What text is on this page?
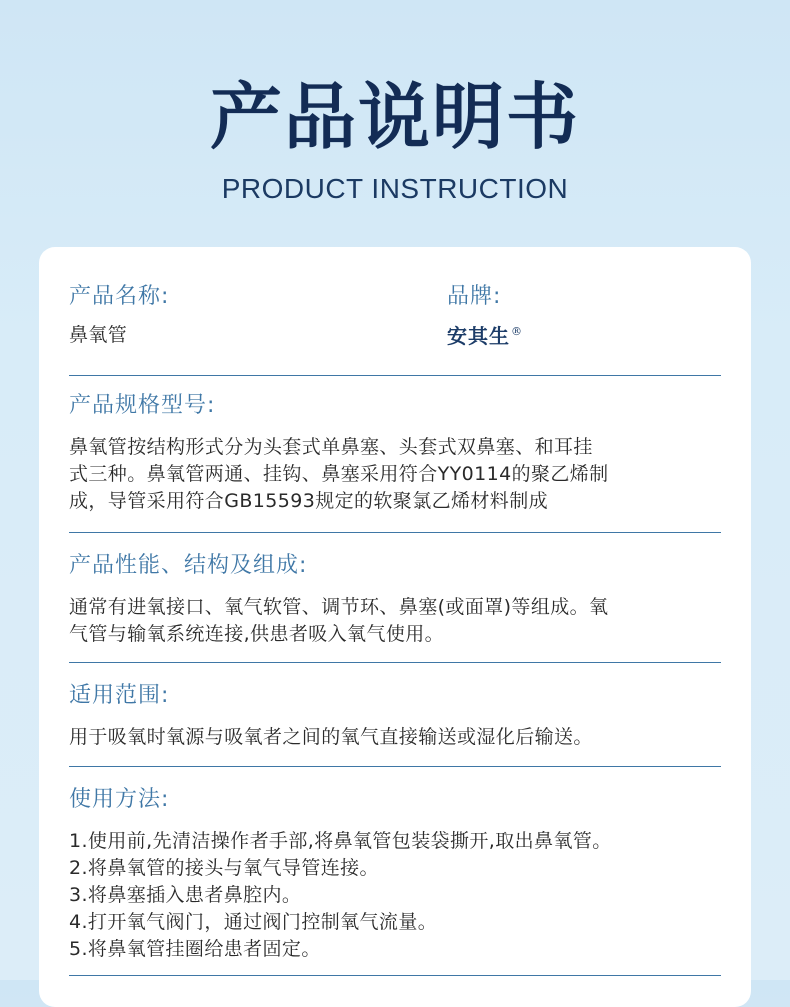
产品说明书
PRODUCT INSTRUCTION
产品名称:
鼻氧管
品牌:
安其生®
产品规格型号:
鼻氧管按结构形式分为头套式单鼻塞、头套式双鼻塞、和耳挂
式三种。鼻氧管两通、挂钩、鼻塞采用符合YY0114的聚乙烯制
成，导管采用符合GB15593规定的软聚氯乙烯材料制成
产品性能、结构及组成:
通常有进氧接口、氧气软管、调节环、鼻塞(或面罩)等组成。氧
气管与输氧系统连接,供患者吸入氧气使用。
适用范围:
用于吸氧时氧源与吸氧者之间的氧气直接输送或湿化后输送。
使用方法:
1.使用前,先清洁操作者手部,将鼻氧管包装袋撕开,取出鼻氧管。
2.将鼻氧管的接头与氧气导管连接。
3.将鼻塞插入患者鼻腔内。
4.打开氧气阀门，通过阀门控制氧气流量。
5.将鼻氧管挂圈给患者固定。
